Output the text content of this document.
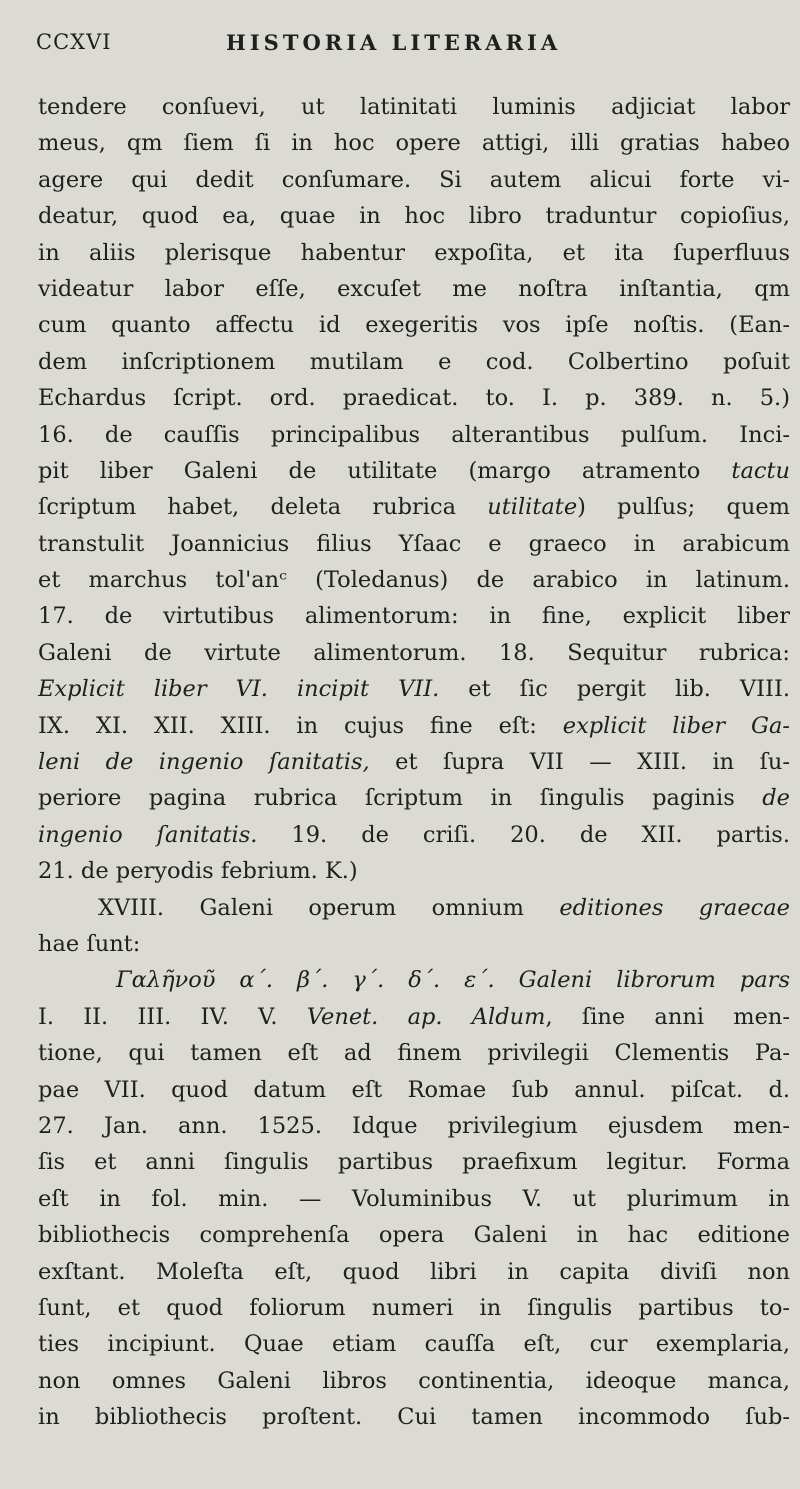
CCXVI	HISTORIA LITERARIA
tendere conſuevi, ut latinitati luminis adjiciat labor
meus, qm ſiem ſi in hoc opere attigi, illi gratias habeo
agere qui dedit conſumare. Si autem alicui forte vi-
deatur, quod ea, quae in hoc libro traduntur copioſius,
in aliis plerisque habentur expoſita, et ita ſuperfluus
videatur labor eſſe, excuſet me noſtra inſtantia, qm
cum quanto affectu id exegeritis vos ipſe noſtis. (Ean-
dem inſcriptionem mutilam e cod. Colbertino poſuit
Echardus ſcript. ord. praedicat. to. I. p. 389. n. 5.)
16. de cauſſis principalibus alterantibus pulſum. Inci-
pit liber Galeni de utilitate (margo atramento tactu
ſcriptum habet, deleta rubrica utilitate) pulſus; quem
transtulit Joannicius filius Yſaac e graeco in arabicum
et marchus tol'anᶜ (Toledanus) de arabico in latinum.
17. de virtutibus alimentorum: in fine, explicit liber
Galeni de virtute alimentorum. 18. Sequitur rubrica:
Explicit liber VI. incipit VII. et ſic pergit lib. VIII.
IX. XI. XII. XIII. in cujus fine eſt: explicit liber Ga-
leni de ingenio ſanitatis, et ſupra VII — XIII. in ſu-
periore pagina rubrica ſcriptum in ſingulis paginis de
ingenio ſanitatis. 19. de criſi. 20. de XII. partis.
21. de peryodis febrium. K.)
XVIII. Galeni operum omnium editiones graecae
hae ſunt:
Γαλῆνοῦ α΄. β΄. γ΄. δ΄. ε΄. Galeni librorum pars
I. II. III. IV. V. Venet. ap. Aldum, ſine anni men-
tione, qui tamen eſt ad finem privilegii Clementis Pa-
pae VII. quod datum eſt Romae ſub annul. piſcat. d.
27. Jan. ann. 1525. Idque privilegium ejusdem men-
ſis et anni ſingulis partibus praefixum legitur. Forma
eſt in fol. min. — Voluminibus V. ut plurimum in
bibliothecis comprehenſa opera Galeni in hac editione
exſtant. Moleſta eſt, quod libri in capita diviſi non
ſunt, et quod foliorum numeri in ſingulis partibus to-
ties incipiunt. Quae etiam cauſſa eſt, cur exemplaria,
non omnes Galeni libros continentia, ideoque manca,
in bibliothecis proſtent. Cui tamen incommodo ſub-
